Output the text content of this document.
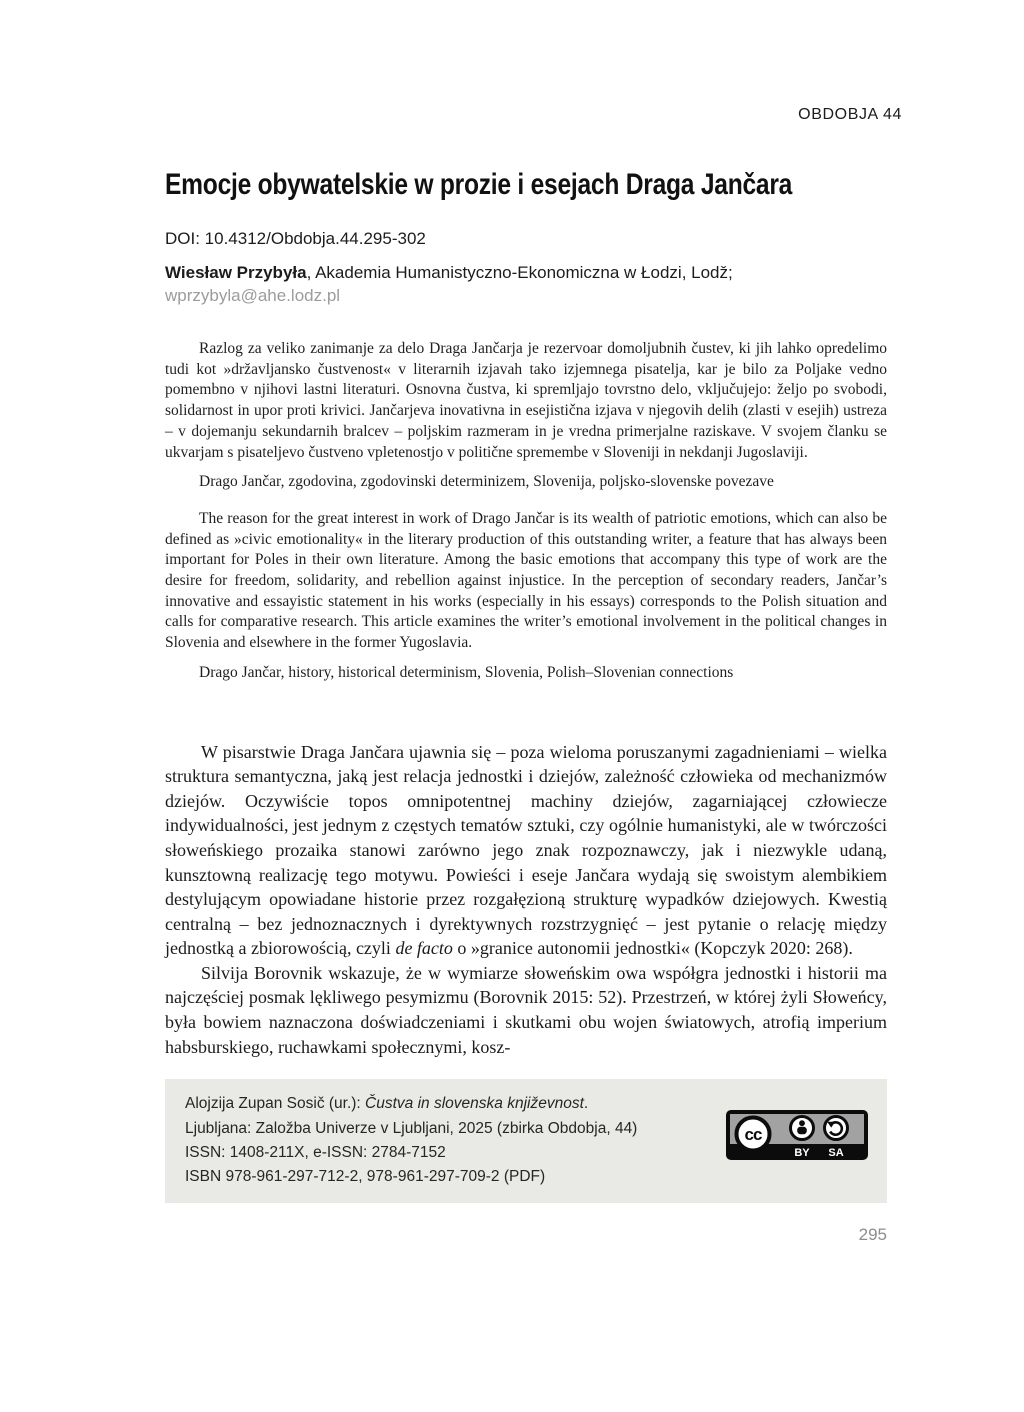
OBDOBJA 44
Emocje obywatelskie w prozie i esejach Draga Jančara
DOI: 10.4312/Obdobja.44.295-302
Wiesław Przybyła, Akademia Humanistyczno-Ekonomiczna w Łodzi, Lodž;
wprzybyla@ahe.lodz.pl
Razlog za veliko zanimanje za delo Draga Jančarja je rezervoar domoljubnih čustev, ki jih lahko opredelimo tudi kot »državljansko čustvenost« v literarnih izjavah tako izjemnega pisatelja, kar je bilo za Poljake vedno pomembno v njihovi lastni literaturi. Osnovna čustva, ki spremljajo tovrstno delo, vključujejo: željo po svobodi, solidarnost in upor proti krivici. Jančarjeva inovativna in esejistična izjava v njegovih delih (zlasti v esejih) ustreza – v dojemanju sekundarnih bralcev – poljskim razmeram in je vredna primerjalne raziskave. V svojem članku se ukvarjam s pisateljevo čustveno vpletenostjo v politične spremembe v Sloveniji in nekdanji Jugoslaviji.
Drago Jančar, zgodovina, zgodovinski determinizem, Slovenija, poljsko-slovenske povezave
The reason for the great interest in work of Drago Jančar is its wealth of patriotic emotions, which can also be defined as »civic emotionality« in the literary production of this outstanding writer, a feature that has always been important for Poles in their own literature. Among the basic emotions that accompany this type of work are the desire for freedom, solidarity, and rebellion against injustice. In the perception of secondary readers, Jančar’s innovative and essayistic statement in his works (especially in his essays) corresponds to the Polish situation and calls for comparative research. This article examines the writer’s emotional involvement in the political changes in Slovenia and elsewhere in the former Yugoslavia.
Drago Jančar, history, historical determinism, Slovenia, Polish–Slovenian connections

W pisarstwie Draga Jančara ujawnia się – poza wieloma poruszanymi zagadnieniami – wielka struktura semantyczna, jaką jest relacja jednostki i dziejów, zależność człowieka od mechanizmów dziejów. Oczywiście topos omnipotentnej machiny dziejów, zagarniającej człowiecze indywidualności, jest jednym z częstych tematów sztuki, czy ogólnie humanistyki, ale w twórczości słoweńskiego prozaika stanowi zarówno jego znak rozpoznawczy, jak i niezwykle udaną, kunsztowną realizację tego motywu. Powieści i eseje Jančara wydają się swoistym alembikiem destylującym opowiadane historie przez rozgałęzioną strukturę wypadków dziejowych. Kwestią centralną – bez jednoznacznych i dyrektywnych rozstrzygnięć – jest pytanie o relację między jednostką a zbiorowością, czyli de facto o »granice autonomii jednostki« (Kopczyk 2020: 268).

Silvija Borovnik wskazuje, że w wymiarze słoweńskim owa współgra jednostki i historii ma najczęściej posmak lękliwego pesymizmu (Borovnik 2015: 52). Przestrzeń, w której żyli Słoweńcy, była bowiem naznaczona doświadczeniami i skutkami obu wojen światowych, atrofią imperium habsburskiego, ruchawkami społecznymi, kosz-

Alojzija Zupan Sosič (ur.): Čustva in slovenska književnost.
Ljubljana: Založba Univerze v Ljubljani, 2025 (zbirka Obdobja, 44)
ISSN: 1408-211X, e-ISSN: 2784-7152
ISBN 978-961-297-712-2, 978-961-297-709-2 (PDF)
cc
BY SA
295
